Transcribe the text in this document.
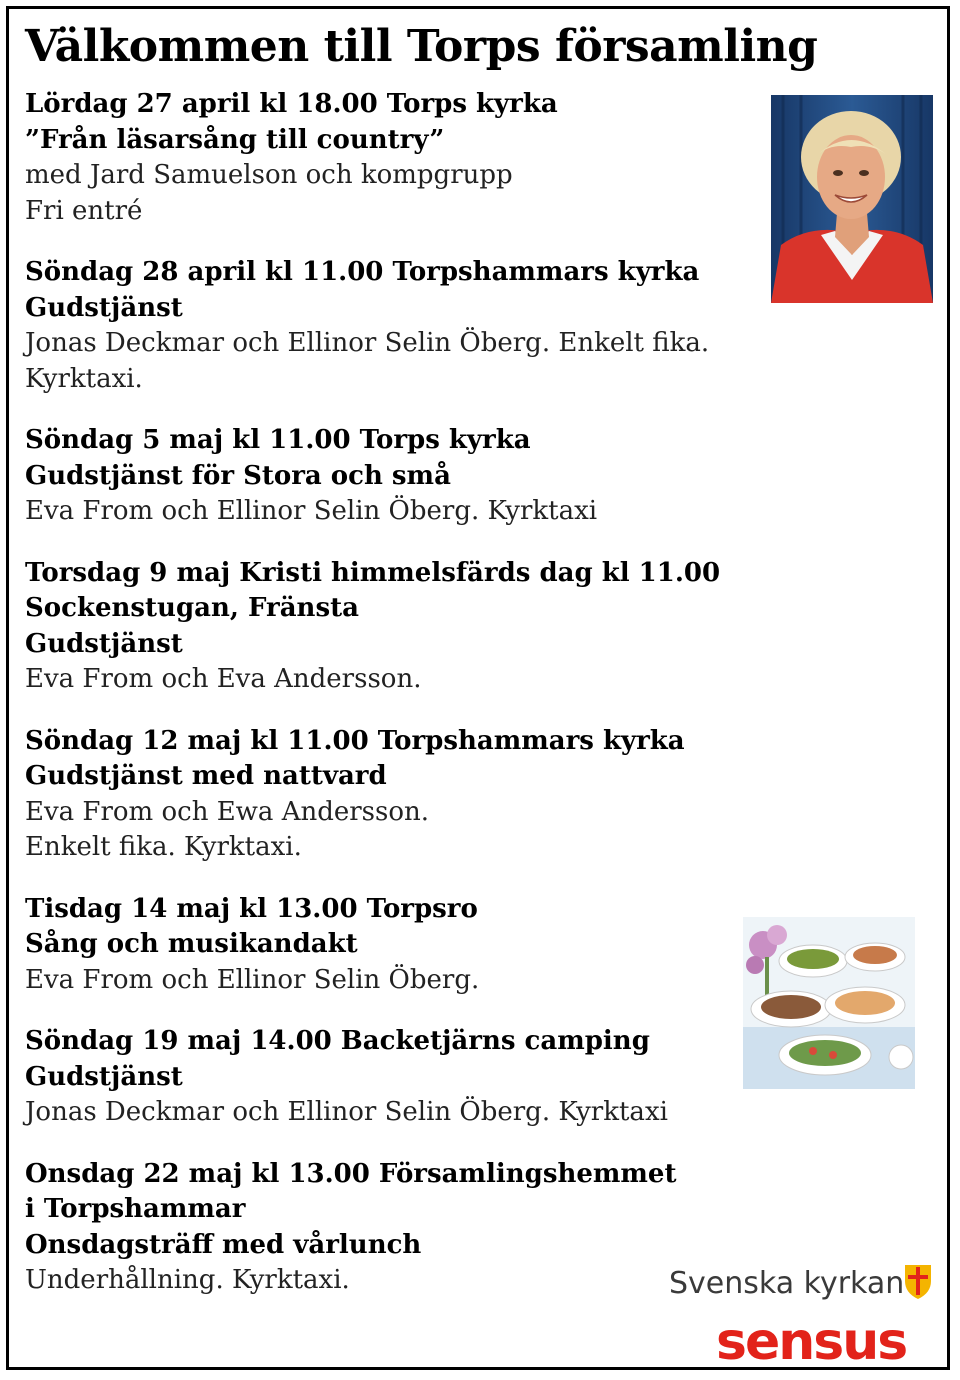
Välkommen till Torps församling
Lördag 27 april kl 18.00 Torps kyrka
”Från läsarsång till country”
med Jard Samuelson och kompgrupp
Fri entré
Söndag 28 april kl 11.00 Torpshammars kyrka
Gudstjänst
Jonas Deckmar och Ellinor Selin Öberg. Enkelt fika.
Kyrktaxi.
Söndag 5 maj kl 11.00 Torps kyrka
Gudstjänst för Stora och små
Eva From och Ellinor Selin Öberg. Kyrktaxi
Torsdag 9 maj Kristi himmelsfärds dag kl 11.00
Sockenstugan, Fränsta
Gudstjänst
Eva From och Eva Andersson.
Söndag 12 maj kl 11.00 Torpshammars kyrka
Gudstjänst med nattvard
Eva From och Ewa Andersson.
Enkelt fika. Kyrktaxi.
Tisdag 14 maj kl 13.00 Torpsro
Sång och musikandakt
Eva From och Ellinor Selin Öberg.
Söndag 19 maj 14.00 Backetjärns camping
Gudstjänst
Jonas Deckmar och Ellinor Selin Öberg. Kyrktaxi
Onsdag 22 maj kl 13.00 Församlingshemmet
i Torpshammar
Onsdagsträff med vårlunch
Underhållning. Kyrktaxi.	Svenska kyrkan
sensus
